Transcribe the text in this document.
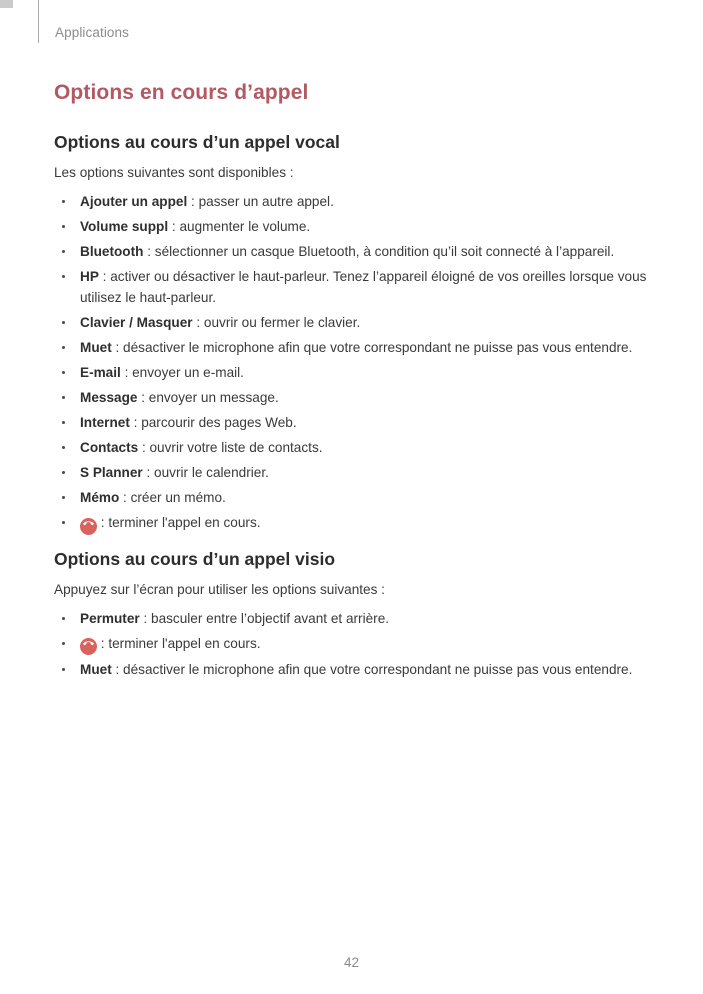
Applications
Options en cours d’appel
Options au cours d’un appel vocal

Les options suivantes sont disponibles :

Ajouter un appel : passer un autre appel.
Volume suppl : augmenter le volume.
Bluetooth : sélectionner un casque Bluetooth, à condition qu’il soit connecté à l’appareil.
HP : activer ou désactiver le haut-parleur. Tenez l’appareil éloigné de vos oreilles lorsque vous utilisez le haut-parleur.
Clavier / Masquer : ouvrir ou fermer le clavier.
Muet : désactiver le microphone afin que votre correspondant ne puisse pas vous entendre.
E-mail : envoyer un e-mail.
Message : envoyer un message.
Internet : parcourir des pages Web.
Contacts : ouvrir votre liste de contacts.
S Planner : ouvrir le calendrier.
Mémo : créer un mémo.
: terminer l'appel en cours.
Options au cours d’un appel visio

Appuyez sur l’écran pour utiliser les options suivantes :

Permuter : basculer entre l’objectif avant et arrière.
: terminer l'appel en cours.
Muet : désactiver le microphone afin que votre correspondant ne puisse pas vous entendre.
42
